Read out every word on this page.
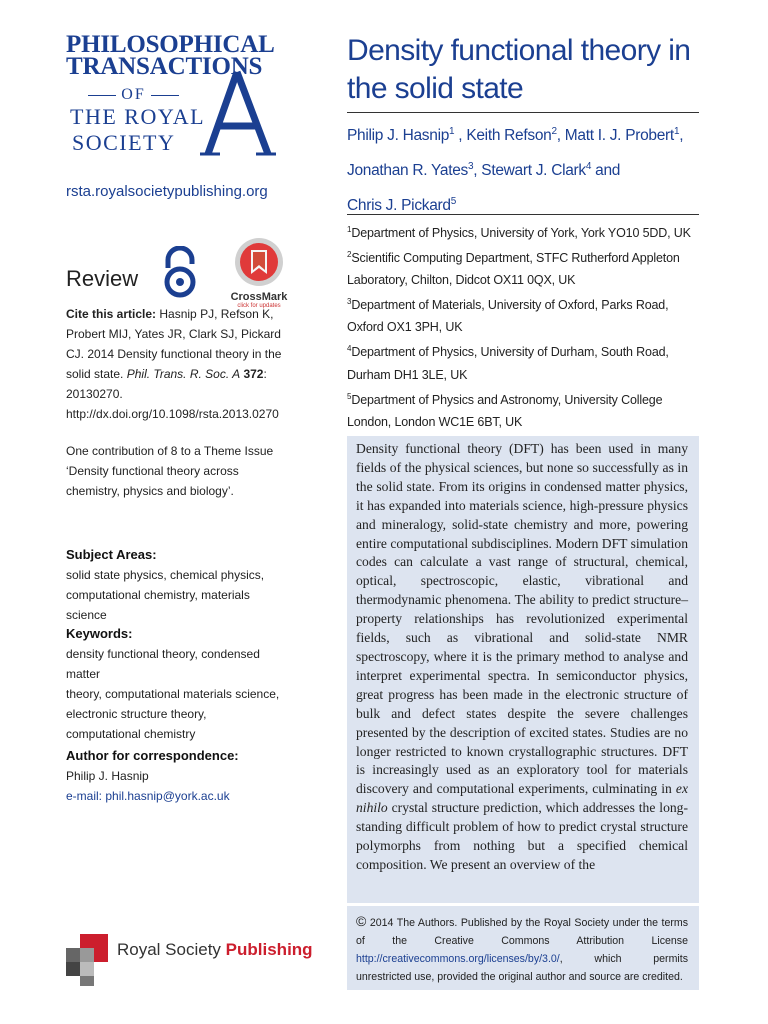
PHILOSOPHICAL
TRANSACTIONS
OF
THE ROYAL
SOCIETY
rsta.royalsocietypublishing.org
Review
CrossMark
click for updates
Cite this article: Hasnip PJ, Refson K, Probert MIJ, Yates JR, Clark SJ, Pickard CJ. 2014 Density functional theory in the solid state. Phil. Trans. R. Soc. A 372: 20130270.
http://dx.doi.org/10.1098/rsta.2013.0270
One contribution of 8 to a Theme Issue ‘Density functional theory across chemistry, physics and biology’.
Subject Areas:
solid state physics, chemical physics, computational chemistry, materials science
Keywords:
density functional theory, condensed matter
theory, computational materials science,
electronic structure theory,
computational chemistry
Author for correspondence:
Philip J. Hasnip
e-mail: phil.hasnip@york.ac.uk
Royal Society Publishing
Density functional theory in the solid state
Philip J. Hasnip$^1$ , Keith Refson$^2$, Matt I. J. Probert$^1$,
Jonathan R. Yates$^3$, Stewart J. Clark$^4$ and
Chris J. Pickard$^5$
$^1$Department of Physics, University of York, York YO10 5DD, UK
$^2$Scientific Computing Department, STFC Rutherford Appleton Laboratory, Chilton, Didcot OX11 0QX, UK
$^3$Department of Materials, University of Oxford, Parks Road, Oxford OX1 3PH, UK
$^4$Department of Physics, University of Durham, South Road, Durham DH1 3LE, UK
$^5$Department of Physics and Astronomy, University College London, London WC1E 6BT, UK
Density functional theory (DFT) has been used in many fields of the physical sciences, but none so successfully as in the solid state. From its origins in condensed matter physics, it has expanded into materials science, high-pressure physics and mineralogy, solid-state chemistry and more, powering entire computational subdisciplines. Modern DFT simulation codes can calculate a vast range of structural, chemical, optical, spectroscopic, elastic, vibrational and thermodynamic phenomena. The ability to predict structure–property relationships has revolutionized experimental fields, such as vibrational and solid-state NMR spectroscopy, where it is the primary method to analyse and interpret experimental spectra. In semiconductor physics, great progress has been made in the electronic structure of bulk and defect states despite the severe challenges presented by the description of excited states. Studies are no longer restricted to known crystallographic structures. DFT is increasingly used as an exploratory tool for materials discovery and computational experiments, culminating in ex nihilo crystal structure prediction, which addresses the long-standing difficult problem of how to predict crystal structure polymorphs from nothing but a specified chemical composition. We present an overview of the
© 2014 The Authors. Published by the Royal Society under the terms of the Creative Commons Attribution License http://creativecommons.org/licenses/by/3.0/, which permits unrestricted use, provided the original author and source are credited.
